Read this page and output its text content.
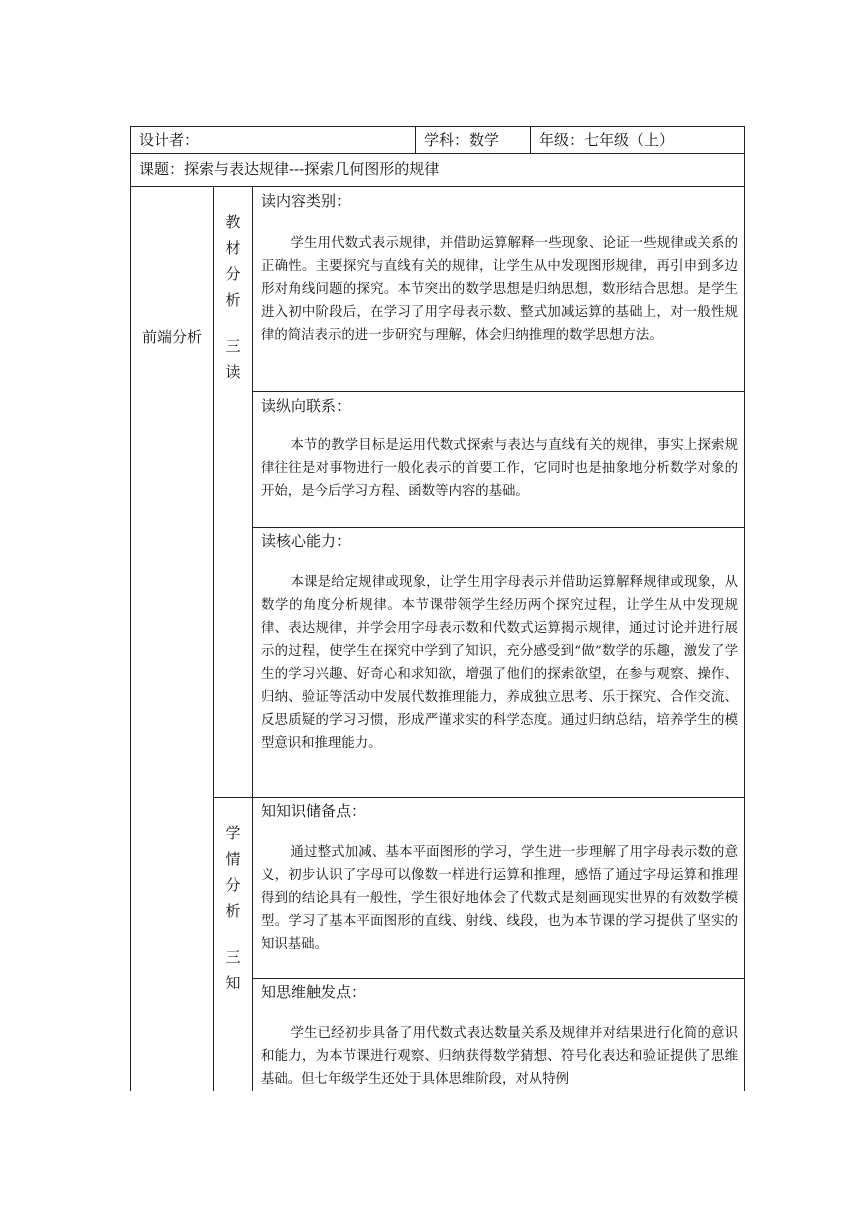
设计者：	学科：数学	年级：七年级（上）
课题：探索与表达规律---探索几何图形的规律
前端分析
教
材
分
析
三
读
学
情
分
析
三
知
读内容类别：

学生用代数式表示规律，并借助运算解释一些现象、论证一些规律或关系的正确性。主要探究与直线有关的规律，让学生从中发现图形规律，再引申到多边形对角线问题的探究。本节突出的数学思想是归纳思想，数形结合思想。是学生进入初中阶段后，在学习了用字母表示数、整式加减运算的基础上，对一般性规律的简洁表示的进一步研究与理解，体会归纳推理的数学思想方法。

读纵向联系：

本节的教学目标是运用代数式探索与表达与直线有关的规律，事实上探索规律往往是对事物进行一般化表示的首要工作，它同时也是抽象地分析数学对象的开始，是今后学习方程、函数等内容的基础。

读核心能力：

本课是给定规律或现象，让学生用字母表示并借助运算解释规律或现象，从数学的角度分析规律。本节课带领学生经历两个探究过程，让学生从中发现规律、表达规律，并学会用字母表示数和代数式运算揭示规律，通过讨论并进行展示的过程，使学生在探究中学到了知识，充分感受到“做”数学的乐趣，激发了学生的学习兴趣、好奇心和求知欲，增强了他们的探索欲望，在参与观察、操作、归纳、验证等活动中发展代数推理能力，养成独立思考、乐于探究、合作交流、反思质疑的学习习惯，形成严谨求实的科学态度。通过归纳总结，培养学生的模型意识和推理能力。

知知识储备点：

通过整式加减、基本平面图形的学习，学生进一步理解了用字母表示数的意义，初步认识了字母可以像数一样进行运算和推理，感悟了通过字母运算和推理得到的结论具有一般性，学生很好地体会了代数式是刻画现实世界的有效数学模型。学习了基本平面图形的直线、射线、线段，也为本节课的学习提供了坚实的知识基础。

知思维触发点：

学生已经初步具备了用代数式表达数量关系及规律并对结果进行化简的意识和能力，为本节课进行观察、归纳获得数学猜想、符号化表达和验证提供了思维基础。但七年级学生还处于具体思维阶段，对从特例
